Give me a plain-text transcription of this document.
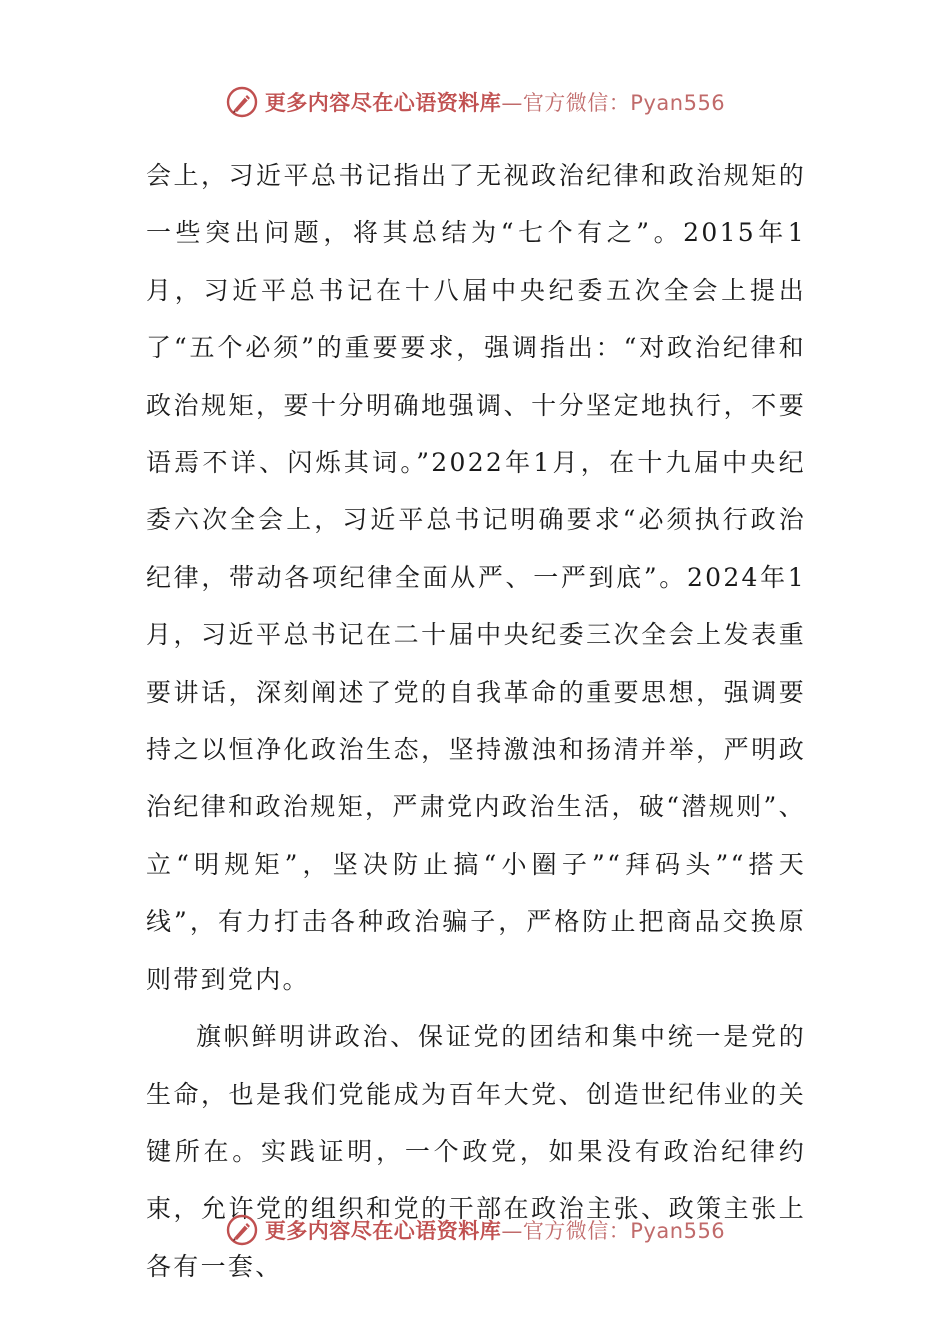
更多内容尽在心语资料库—官方微信：Pyan556

会上，习近平总书记指出了无视政治纪律和政治规矩的一些突出问题，将其总结为“七个有之”。2015年1月，习近平总书记在十八届中央纪委五次全会上提出了“五个必须”的重要要求，强调指出：“对政治纪律和政治规矩，要十分明确地强调、十分坚定地执行，不要语焉不详、闪烁其词。”2022年1月，在十九届中央纪委六次全会上，习近平总书记明确要求“必须执行政治纪律，带动各项纪律全面从严、一严到底”。2024年1月，习近平总书记在二十届中央纪委三次全会上发表重要讲话，深刻阐述了党的自我革命的重要思想，强调要持之以恒净化政治生态，坚持激浊和扬清并举，严明政治纪律和政治规矩，严肃党内政治生活，破“潜规则”、立“明规矩”，坚决防止搞“小圈子”“拜码头”“搭天线”，有力打击各种政治骗子，严格防止把商品交换原则带到党内。

旗帜鲜明讲政治、保证党的团结和集中统一是党的生命，也是我们党能成为百年大党、创造世纪伟业的关键所在。实践证明，一个政党，如果没有政治纪律约束，允许党的组织和党的干部在政治主张、政策主张上各有一套、

更多内容尽在心语资料库—官方微信：Pyan556
